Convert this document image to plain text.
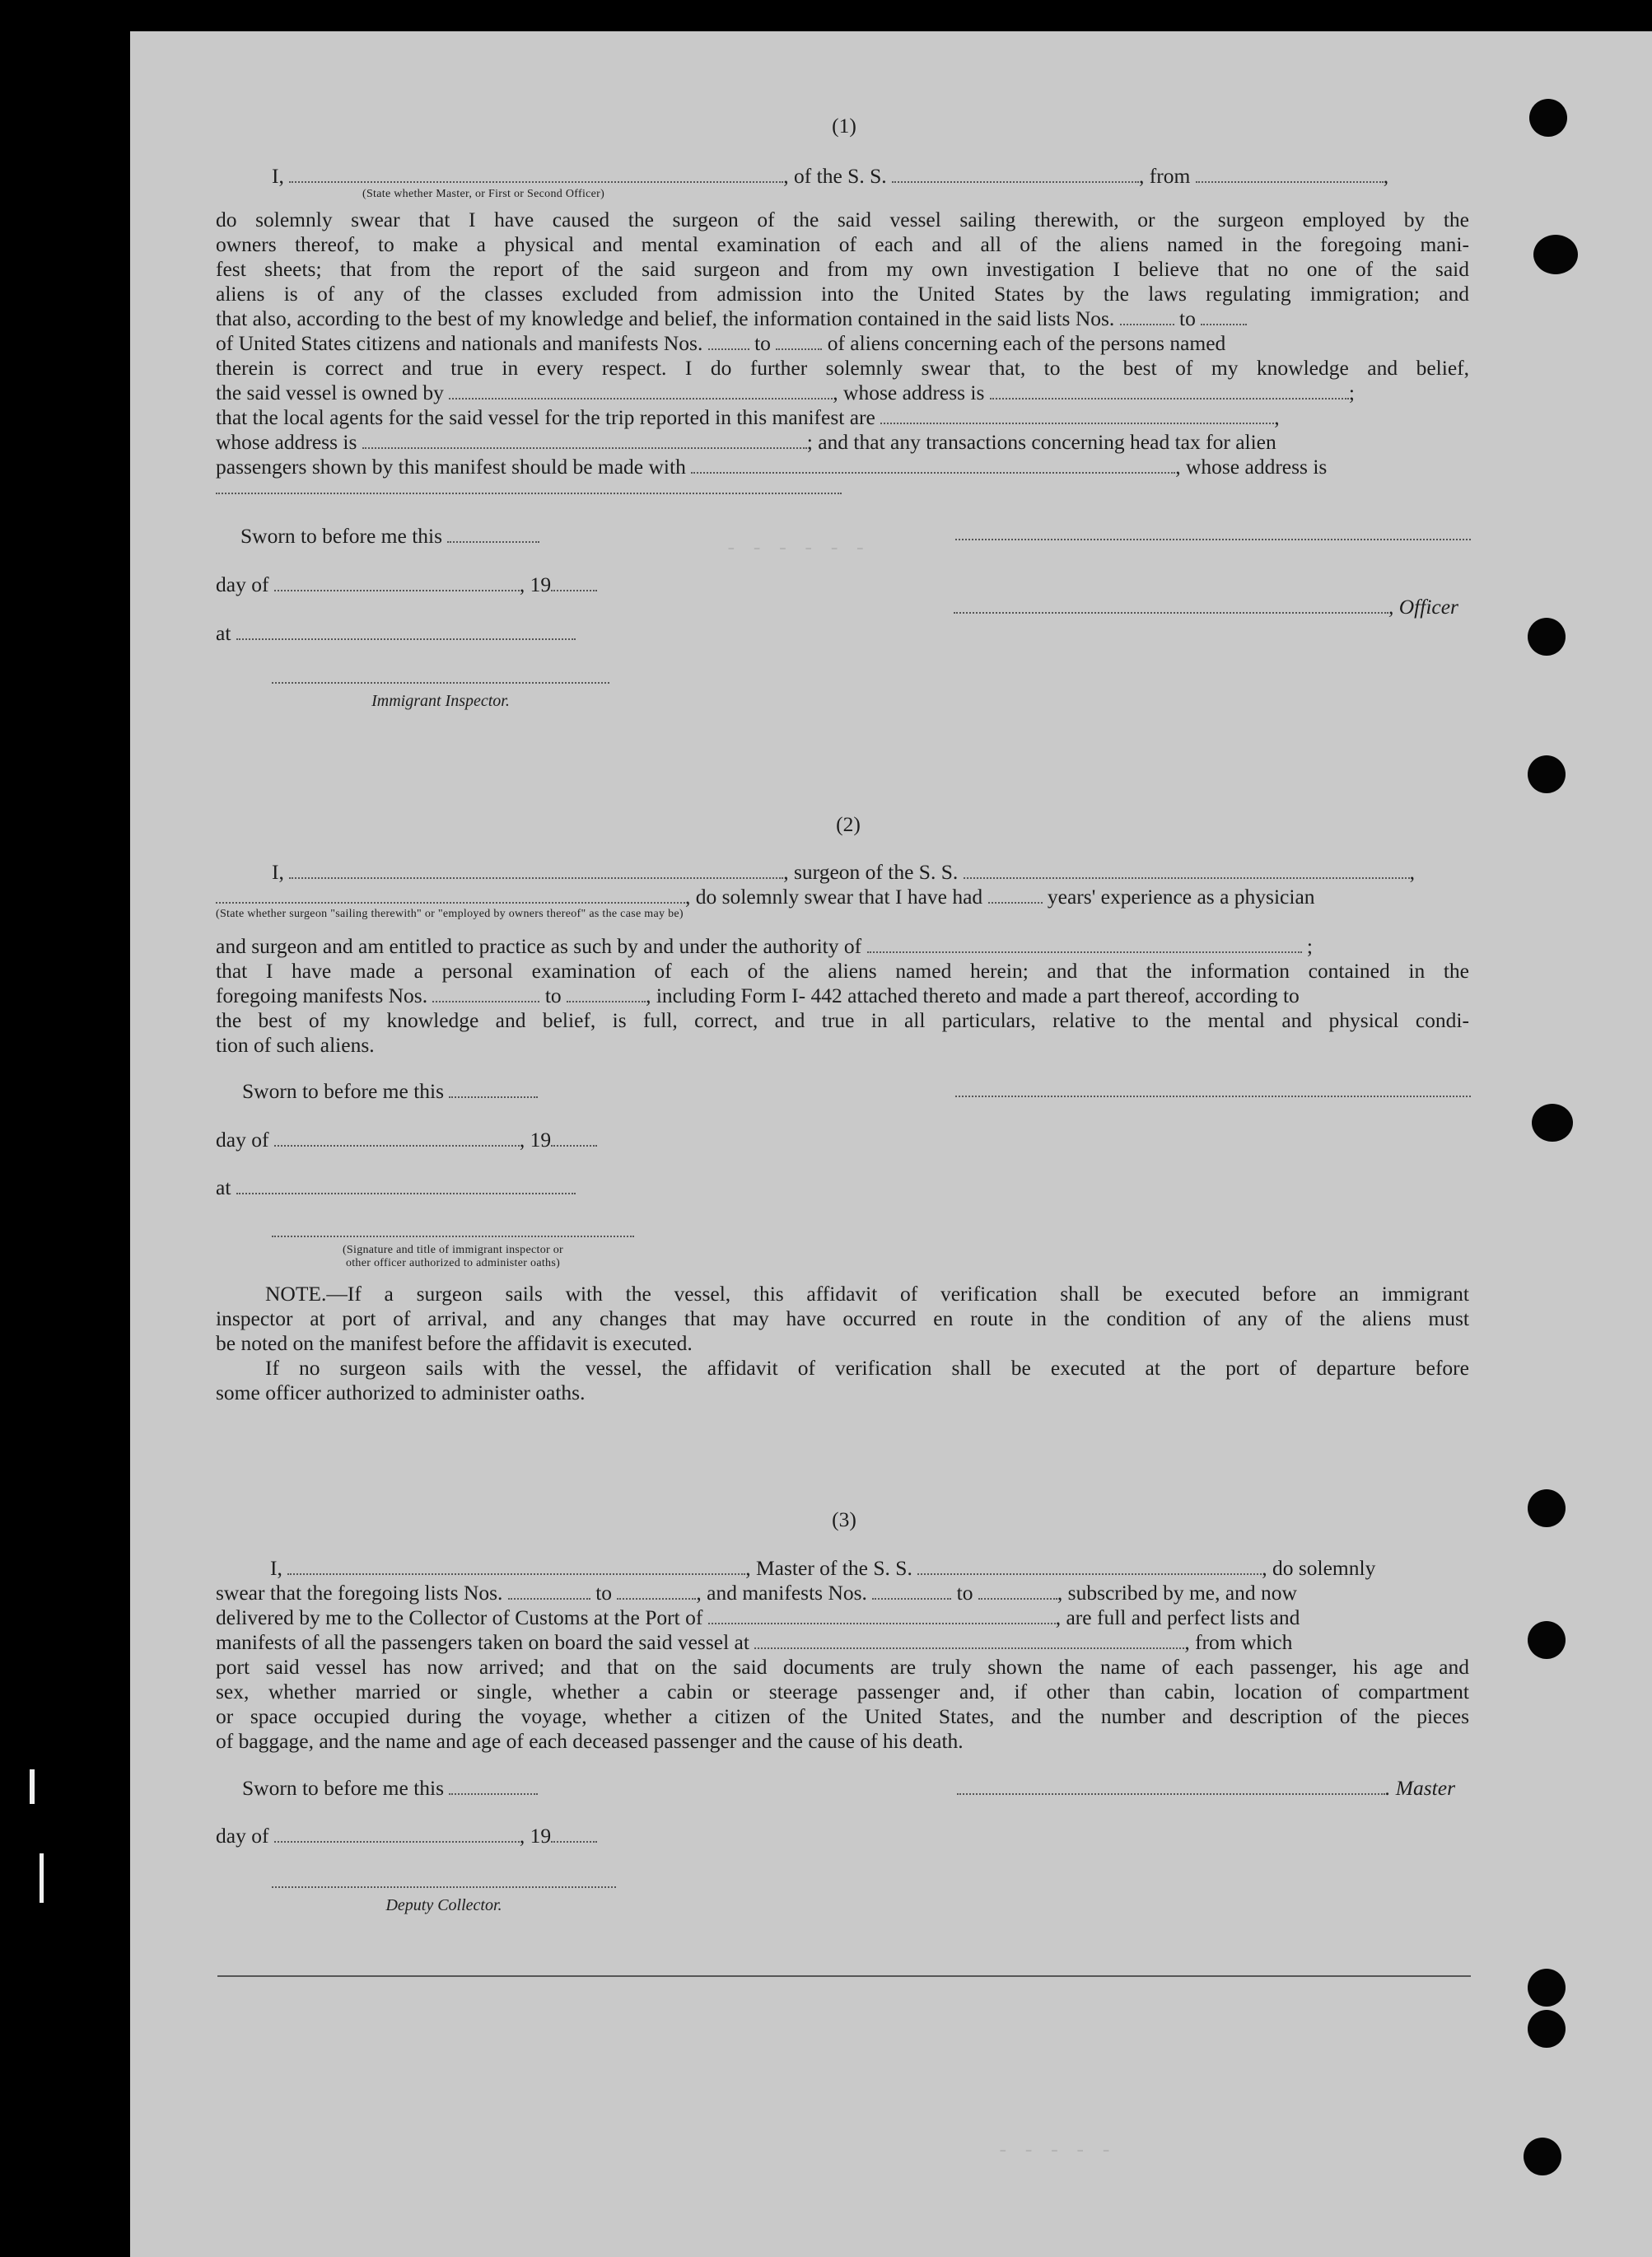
- - - - - -
- - - - -
(1)
I,	, of the S. S.	, from	,
(State whether Master, or First or Second Officer)
do solemnly swear that I have caused the surgeon of the said vessel sailing therewith, or the surgeon employed by the
owners thereof, to make a physical and mental examination of each and all of the aliens named in the foregoing mani-
fest sheets; that from the report of the said surgeon and from my own investigation I believe that no one of the said
aliens is of any of the classes excluded from admission into the United States by the laws regulating immigration; and
that also, according to the best of my knowledge and belief, the information contained in the said lists Nos.	to
of United States citizens and nationals and manifests Nos. to	of aliens concerning each of the persons named
therein is correct and true in every respect. I do further solemnly swear that, to the best of my knowledge and belief,
the said vessel is owned by	, whose address is	;
that the local agents for the said vessel for the trip reported in this manifest are	,
whose address is	; and that any transactions concerning head tax for alien
passengers shown by this manifest should be made with	, whose address is
Sworn to before me this
day of	, 19
at
, Officer
Immigrant Inspector.
(2)
I,	, surgeon of the S. S.	,
, do solemnly swear that I have had	years' experience as a physician
(State whether surgeon "sailing therewith" or "employed by owners thereof" as the case may be)
and surgeon and am entitled to practice as such by and under the authority of	;
that I have made a personal examination of each of the aliens named herein; and that the information contained in the
foregoing manifests Nos.	to	, including Form I- 442 attached thereto and made a part thereof, according to
the best of my knowledge and belief, is full, correct, and true in all particulars, relative to the mental and physical condi-
tion of such aliens.
Sworn to before me this
day of	, 19
at
(Signature and title of immigrant inspector or
other officer authorized to administer oaths)
NOTE.—If a surgeon sails with the vessel, this affidavit of verification shall be executed before an immigrant
inspector at port of arrival, and any changes that may have occurred en route in the condition of any of the aliens must
be noted on the manifest before the affidavit is executed.
If no surgeon sails with the vessel, the affidavit of verification shall be executed at the port of departure before
some officer authorized to administer oaths.
(3)
I,	, Master of the S. S.	, do solemnly
swear that the foregoing lists Nos.	to	, and manifests Nos.	to	, subscribed by me, and now
delivered by me to the Collector of Customs at the Port of	, are full and perfect lists and
manifests of all the passengers taken on board the said vessel at	, from which
port said vessel has now arrived; and that on the said documents are truly shown the name of each passenger, his age and
sex, whether married or single, whether a cabin or steerage passenger and, if other than cabin, location of compartment
or space occupied during the voyage, whether a citizen of the United States, and the number and description of the pieces
of baggage, and the name and age of each deceased passenger and the cause of his death.
Sworn to before me this	. Master
day of	, 19
Deputy Collector.
